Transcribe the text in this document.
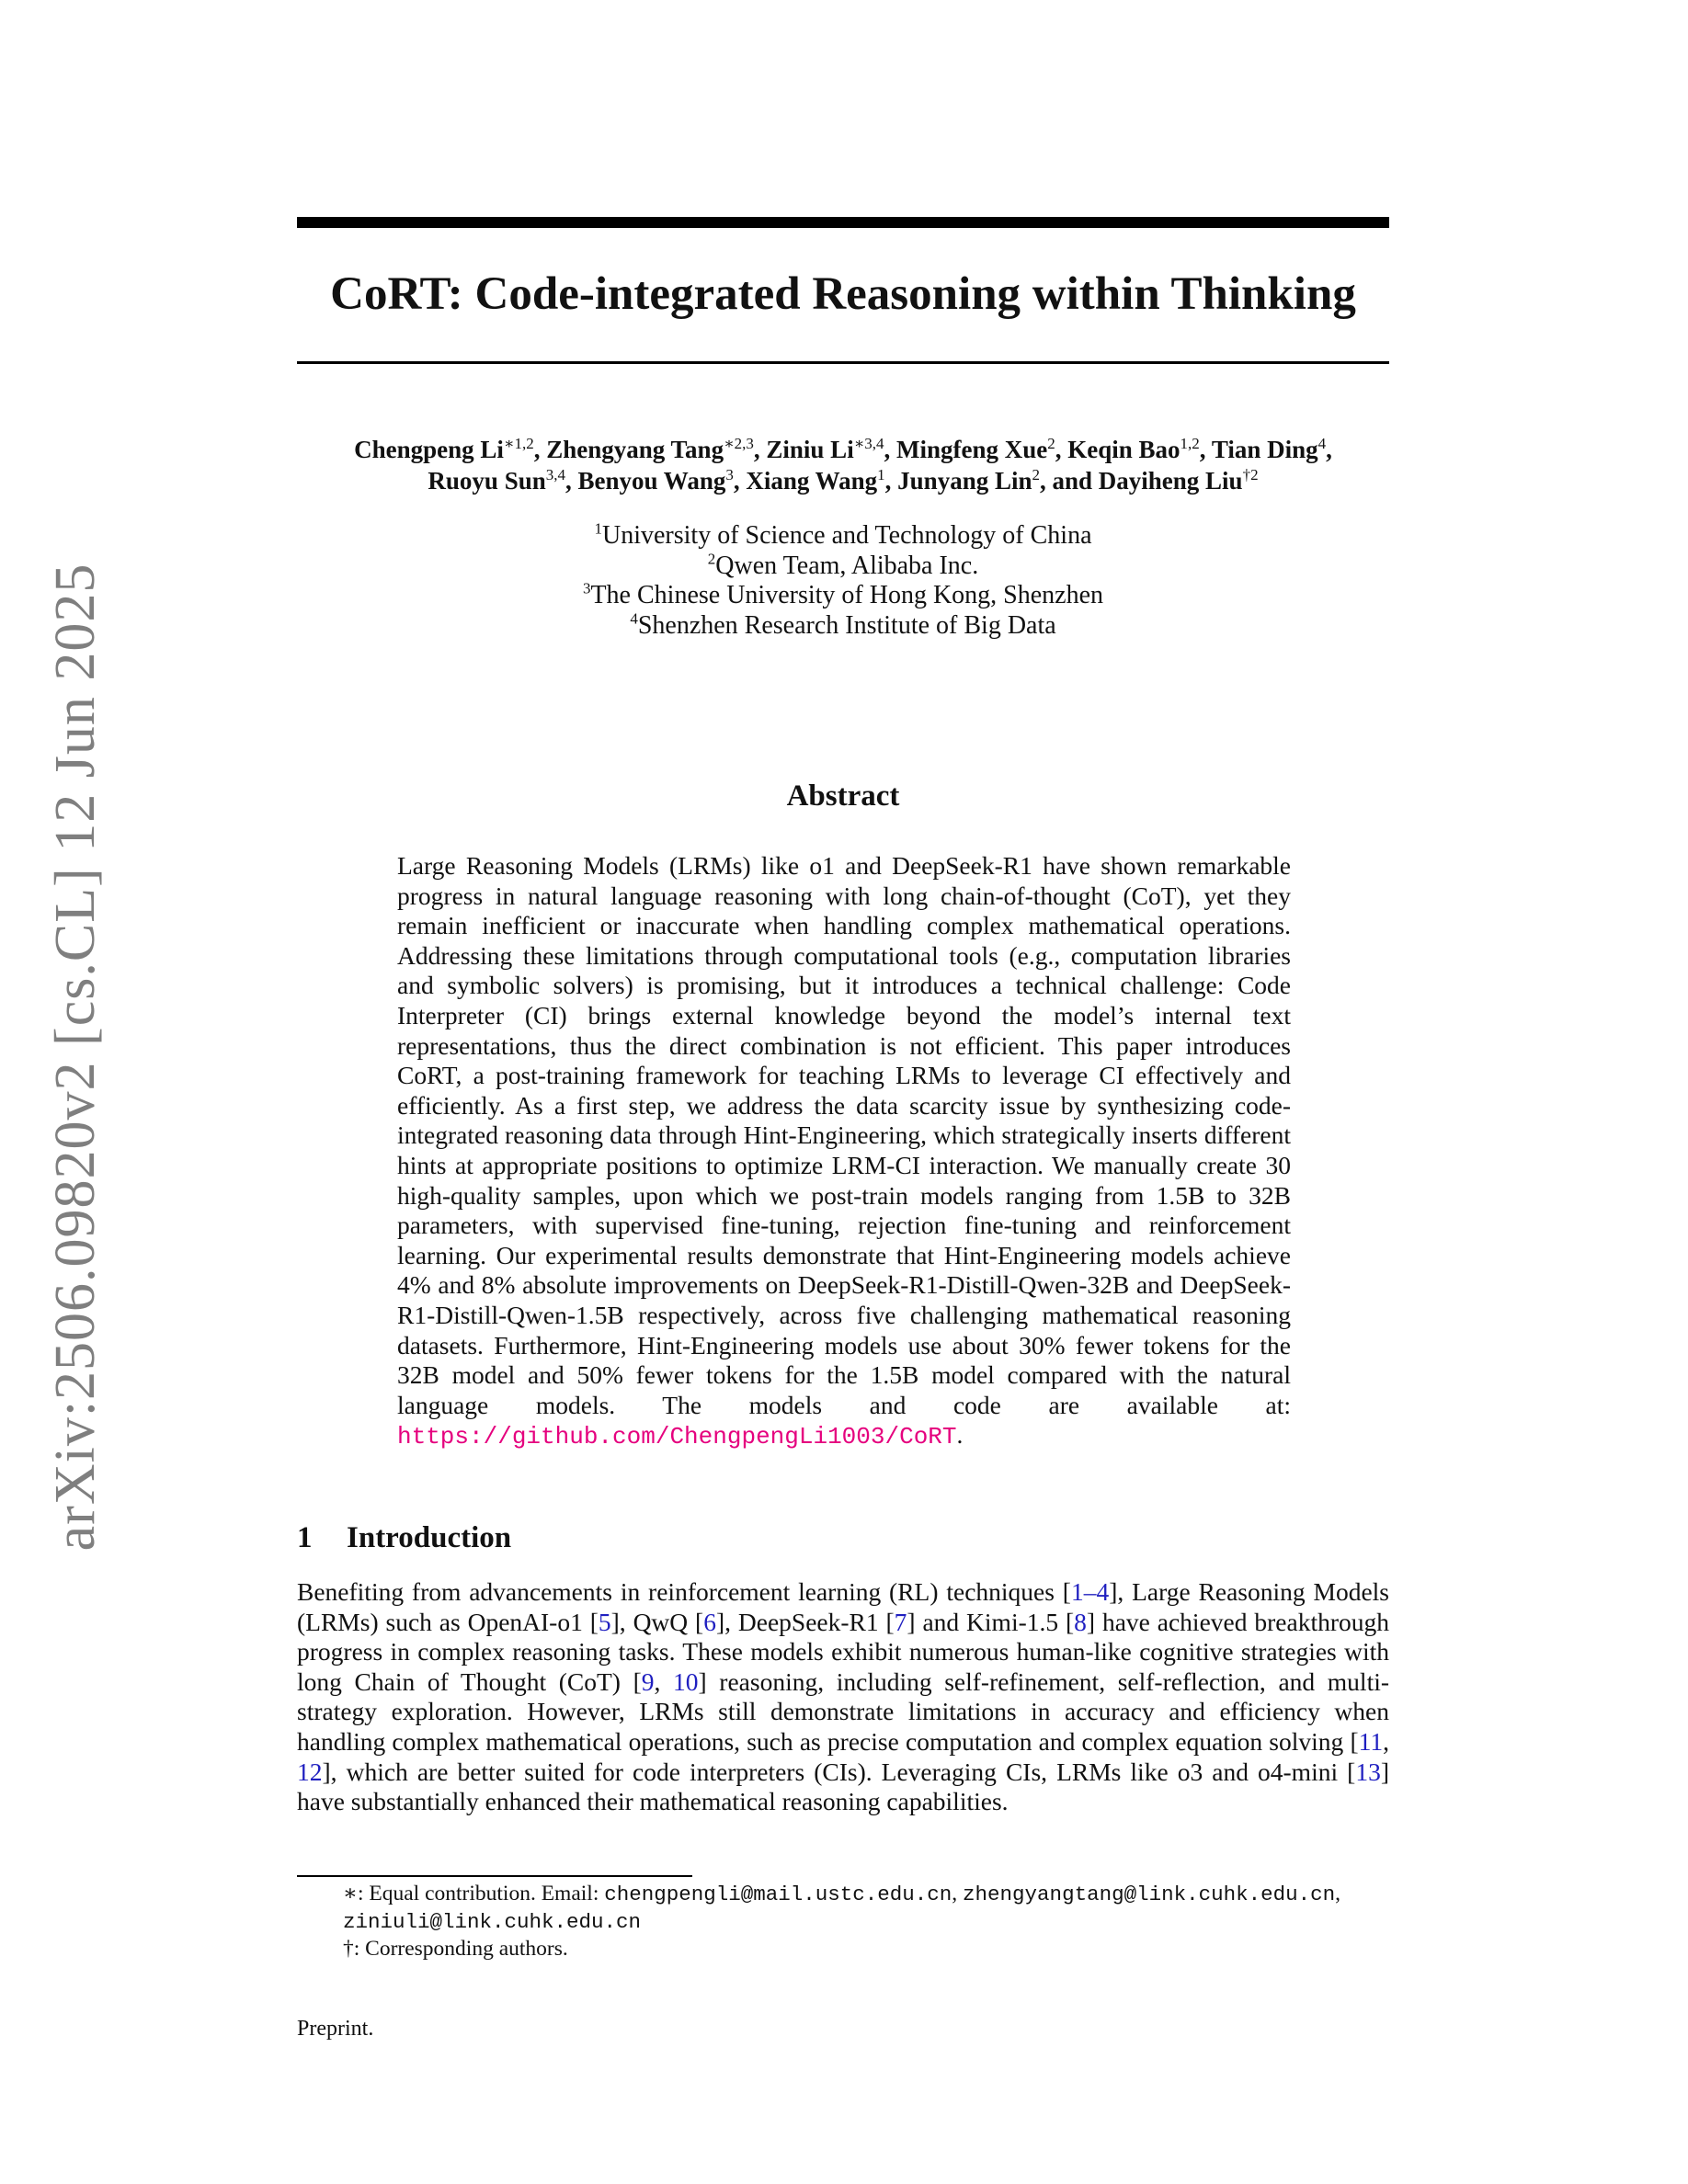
arXiv:2506.09820v2 [cs.CL] 12 Jun 2025
CoRT: Code-integrated Reasoning within Thinking
Chengpeng $Li^{∗1,2}$, Zhengyang Tang$^{∗2,3}$, Ziniu $Li^{∗3,4}$, Mingfeng Xue$^2$, Keqin Bao$^{1,2}$, Tian Ding$^4$,
Ruoyu Sun$^{3,4}$, Benyou Wang$^3$, Xiang Wang$^1$, Junyang Lin$^2$, and Dayiheng Liu$^{\dagger 2}$
$^1$University of Science and Technology of China
$^2$Qwen Team, Alibaba Inc.
$^3$The Chinese University of Hong Kong, Shenzhen
$^4$Shenzhen Research Institute of Big Data
Abstract

Large Reasoning Models (LRMs) like o1 and DeepSeek-R1 have shown remarkable progress in natural language reasoning with long chain-of-thought (CoT), yet they remain inefficient or inaccurate when handling complex mathematical operations. Addressing these limitations through computational tools (e.g., computation libraries and symbolic solvers) is promising, but it introduces a technical challenge: Code Interpreter (CI) brings external knowledge beyond the model’s internal text representations, thus the direct combination is not efficient. This paper introduces CoRT, a post-training framework for teaching LRMs to leverage CI effectively and efficiently. As a first step, we address the data scarcity issue by synthesizing code-integrated reasoning data through Hint-Engineering, which strategically inserts different hints at appropriate positions to optimize LRM-CI interaction. We manually create 30 high-quality samples, upon which we post-train models ranging from 1.5B to 32B parameters, with supervised fine-tuning, rejection fine-tuning and reinforcement learning. Our experimental results demonstrate that Hint-Engineering models achieve 4% and 8% absolute improvements on DeepSeek-R1-Distill-Qwen-32B and DeepSeek-R1-Distill-Qwen-1.5B respectively, across five challenging mathematical reasoning datasets. Furthermore, Hint-Engineering models use about 30% fewer tokens for the 32B model and 50% fewer tokens for the 1.5B model compared with the natural language models. The models and code are available at: https://github.com/ChengpengLi1003/CoRT.

1 Introduction

Benefiting from advancements in reinforcement learning (RL) techniques [1–4], Large Reasoning Models (LRMs) such as OpenAI-o1 [5], QwQ [6], DeepSeek-R1 [7] and Kimi-1.5 [8] have achieved breakthrough progress in complex reasoning tasks. These models exhibit numerous human-like cognitive strategies with long Chain of Thought (CoT) [9, 10] reasoning, including self-refinement, self-reflection, and multi-strategy exploration. However, LRMs still demonstrate limitations in accuracy and efficiency when handling complex mathematical operations, such as precise computation and complex equation solving [11, 12], which are better suited for code interpreters (CIs). Leveraging CIs, LRMs like o3 and o4-mini [13] have substantially enhanced their mathematical reasoning capabilities.

∗: Equal contribution. Email: chengpengli@mail.ustc.edu.cn, zhengyangtang@link.cuhk.edu.cn, ziniuli@link.cuhk.edu.cn
†: Corresponding authors.
Preprint.
